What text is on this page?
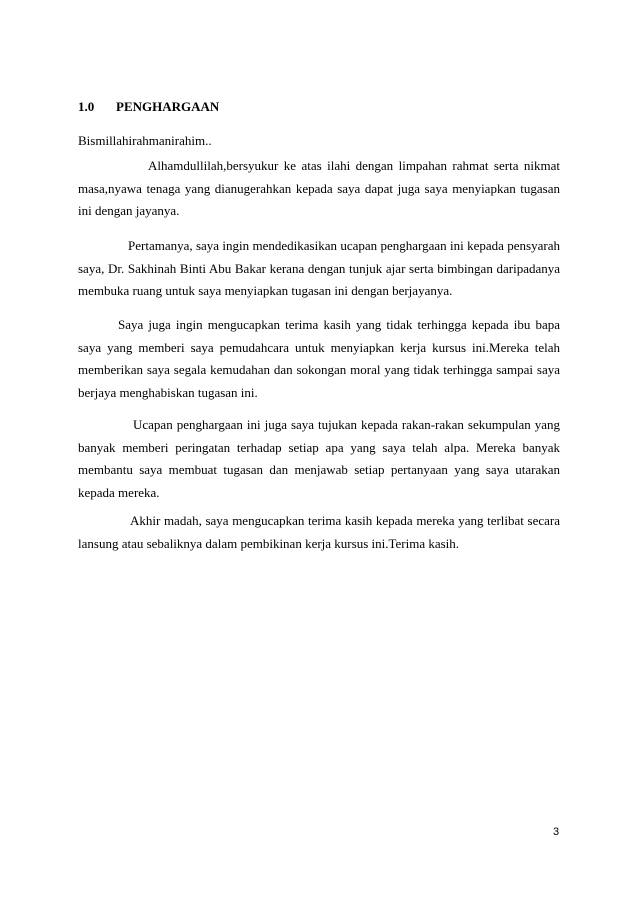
1.0 PENGHARGAAN
Bismillahirahmanirahim..

Alhamdullilah,bersyukur ke atas ilahi dengan limpahan rahmat serta nikmat masa,nyawa tenaga yang dianugerahkan kepada saya dapat juga saya menyiapkan tugasan ini dengan jayanya.

Pertamanya, saya ingin mendedikasikan ucapan penghargaan ini kepada pensyarah saya, Dr. Sakhinah Binti Abu Bakar kerana dengan tunjuk ajar serta bimbingan daripadanya membuka ruang untuk saya menyiapkan tugasan ini dengan berjayanya.

Saya juga ingin mengucapkan terima kasih yang tidak terhingga kepada ibu bapa saya yang memberi saya pemudahcara untuk menyiapkan kerja kursus ini.Mereka telah memberikan saya segala kemudahan dan sokongan moral yang tidak terhingga sampai saya berjaya menghabiskan tugasan ini.

Ucapan penghargaan ini juga saya tujukan kepada rakan-rakan sekumpulan yang banyak memberi peringatan terhadap setiap apa yang saya telah alpa. Mereka banyak membantu saya membuat tugasan dan menjawab setiap pertanyaan yang saya utarakan kepada mereka.

Akhir madah, saya mengucapkan terima kasih kepada mereka yang terlibat secara lansung atau sebaliknya dalam pembikinan kerja kursus ini.Terima kasih.

3
